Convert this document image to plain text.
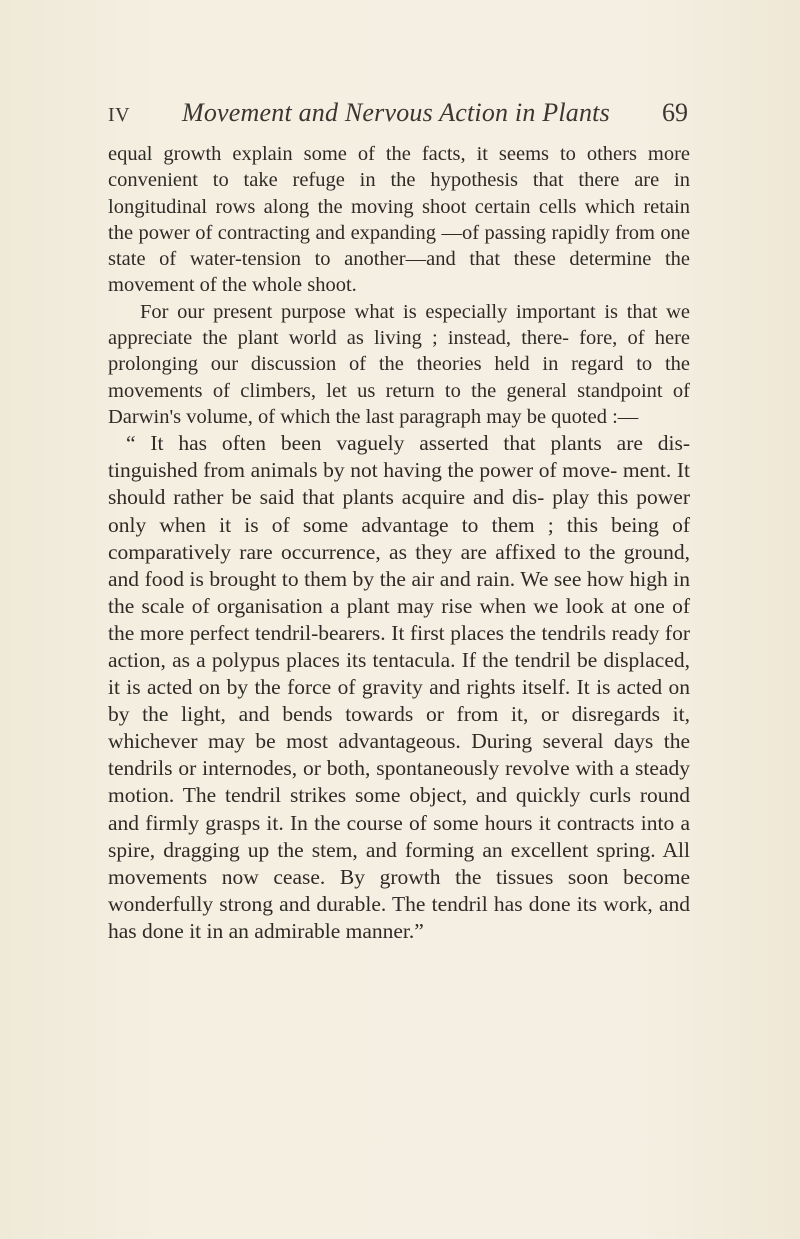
IV	Movement and Nervous Action in Plants	69

equal growth explain some of the facts, it seems to others more convenient to take refuge in the hypothesis that there are in longitudinal rows along the moving shoot certain cells which retain the power of contracting and expanding —of passing rapidly from one state of water-tension to another—and that these determine the movement of the whole shoot.

For our present purpose what is especially important is that we appreciate the plant world as living ; instead, there- fore, of here prolonging our discussion of the theories held in regard to the movements of climbers, let us return to the general standpoint of Darwin's volume, of which the last paragraph may be quoted :—

“ It has often been vaguely asserted that plants are dis- tinguished from animals by not having the power of move- ment. It should rather be said that plants acquire and dis- play this power only when it is of some advantage to them ; this being of comparatively rare occurrence, as they are affixed to the ground, and food is brought to them by the air and rain. We see how high in the scale of organisation a plant may rise when we look at one of the more perfect tendril-bearers. It first places the tendrils ready for action, as a polypus places its tentacula. If the tendril be displaced, it is acted on by the force of gravity and rights itself. It is acted on by the light, and bends towards or from it, or disregards it, whichever may be most advantageous. During several days the tendrils or internodes, or both, spontaneously revolve with a steady motion. The tendril strikes some object, and quickly curls round and firmly grasps it. In the course of some hours it contracts into a spire, dragging up the stem, and forming an excellent spring. All movements now cease. By growth the tissues soon become wonderfully strong and durable. The tendril has done its work, and has done it in an admirable manner.”
